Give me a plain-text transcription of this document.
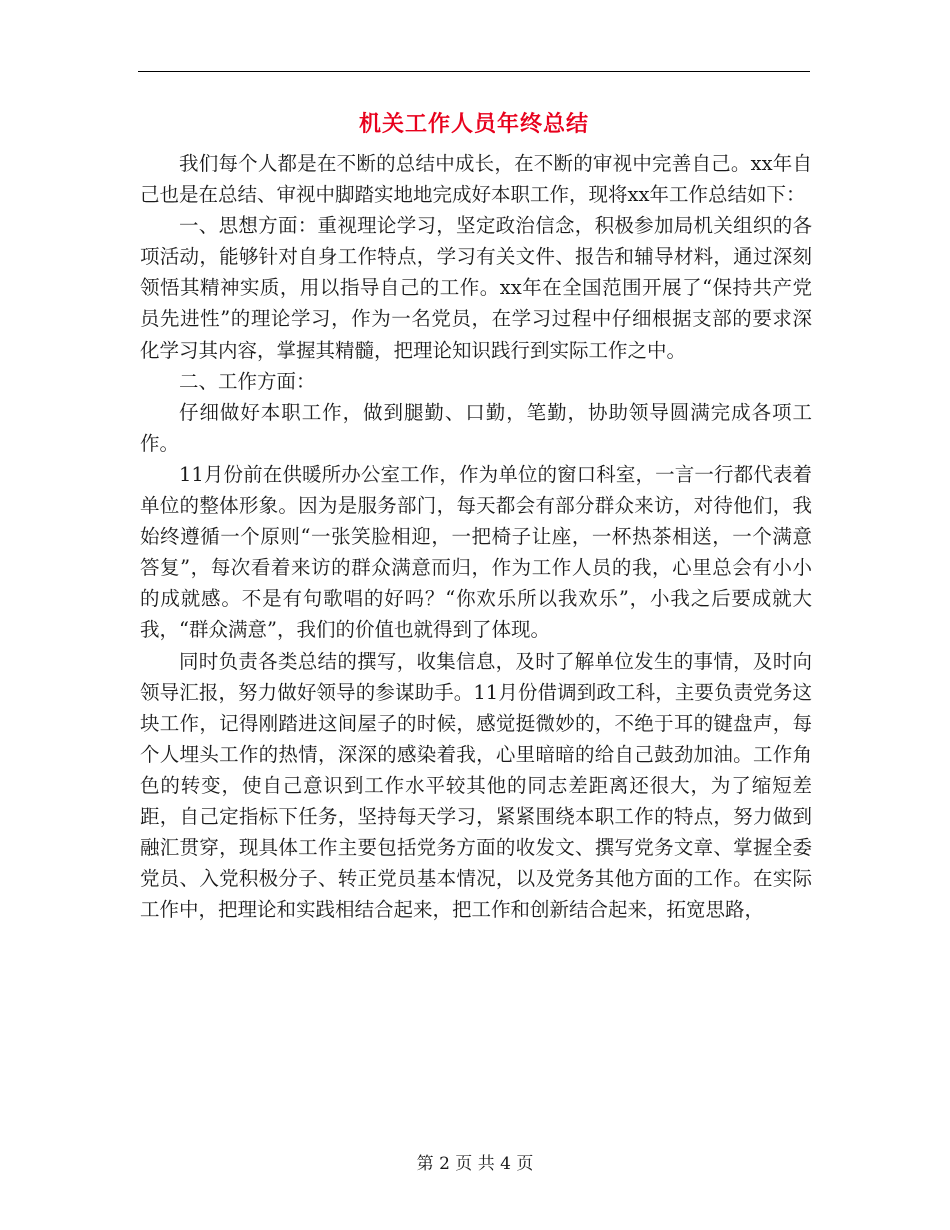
机关工作人员年终总结

我们每个人都是在不断的总结中成长，在不断的审视中完善自己。xx年自己也是在总结、审视中脚踏实地地完成好本职工作，现将xx年工作总结如下：

一、思想方面：重视理论学习，坚定政治信念，积极参加局机关组织的各项活动，能够针对自身工作特点，学习有关文件、报告和辅导材料，通过深刻领悟其精神实质，用以指导自己的工作。xx年在全国范围开展了“保持共产党员先进性”的理论学习，作为一名党员，在学习过程中仔细根据支部的要求深化学习其内容，掌握其精髓，把理论知识践行到实际工作之中。

二、工作方面：

仔细做好本职工作，做到腿勤、口勤，笔勤，协助领导圆满完成各项工作。

11月份前在供暖所办公室工作，作为单位的窗口科室，一言一行都代表着单位的整体形象。因为是服务部门，每天都会有部分群众来访，对待他们，我始终遵循一个原则“一张笑脸相迎，一把椅子让座，一杯热茶相送，一个满意答复”，每次看着来访的群众满意而归，作为工作人员的我，心里总会有小小的成就感。不是有句歌唱的好吗？“你欢乐所以我欢乐”，小我之后要成就大我，“群众满意”，我们的价值也就得到了体现。

同时负责各类总结的撰写，收集信息，及时了解单位发生的事情，及时向领导汇报，努力做好领导的参谋助手。11月份借调到政工科，主要负责党务这块工作，记得刚踏进这间屋子的时候，感觉挺微妙的，不绝于耳的键盘声，每个人埋头工作的热情，深深的感染着我，心里暗暗的给自己鼓劲加油。工作角色的转变，使自己意识到工作水平较其他的同志差距离还很大，为了缩短差距，自己定指标下任务，坚持每天学习，紧紧围绕本职工作的特点，努力做到融汇贯穿，现具体工作主要包括党务方面的收发文、撰写党务文章、掌握全委党员、入党积极分子、转正党员基本情况，以及党务其他方面的工作。在实际工作中，把理论和实践相结合起来，把工作和创新结合起来，拓宽思路，

第 2 页 共 4 页
